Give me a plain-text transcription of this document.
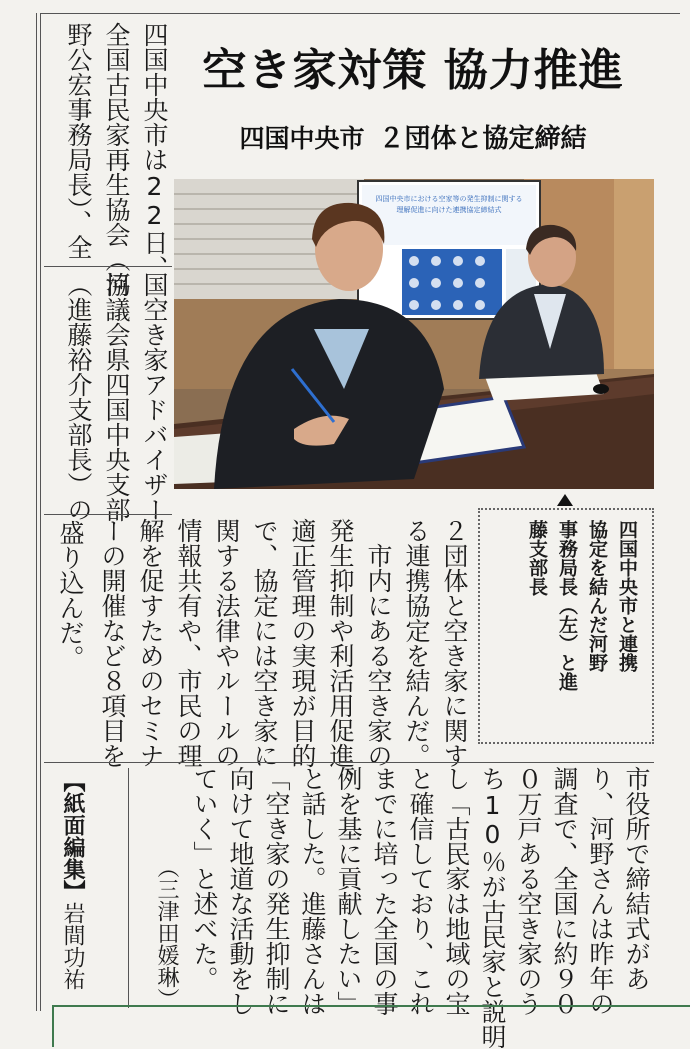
空き家対策 協力推進
四国中央市 ２団体と協定締結
四国中央市は22日、
全国古民家再生協会（河
野公宏事務局長）、全
国空き家アドバイザー
協議会県四国中央支部
（進藤裕介支部長）の
四国中央市における空家等の発生抑制に関する
理解促進に向けた連携協定締結式
四国中央市と連携
協定を結んだ河野
事務局長（左）と進
藤支部長
盛り込んだ。	２団体と空き家に関す
る連携協定を結んだ。
　市内にある空き家の
発生抑制や利活用促進、
適正管理の実現が目的
で、協定には空き家に
関する法律やルールの
情報共有や、市民の理
解を促すためのセミナ
ーの開催など８項目を
【紙面編集】岩間功祐	市役所で締結式があ
り、河野さんは昨年の
調査で、全国に約９０
０万戸ある空き家のう
ち10％が古民家と説明
し「古民家は地域の宝
と確信しており、これ
までに培った全国の事
例を基に貢献したい」
と話した。進藤さんは
「空き家の発生抑制に
向けて地道な活動をし
ていく」と述べた。
（三津田媛琳）
